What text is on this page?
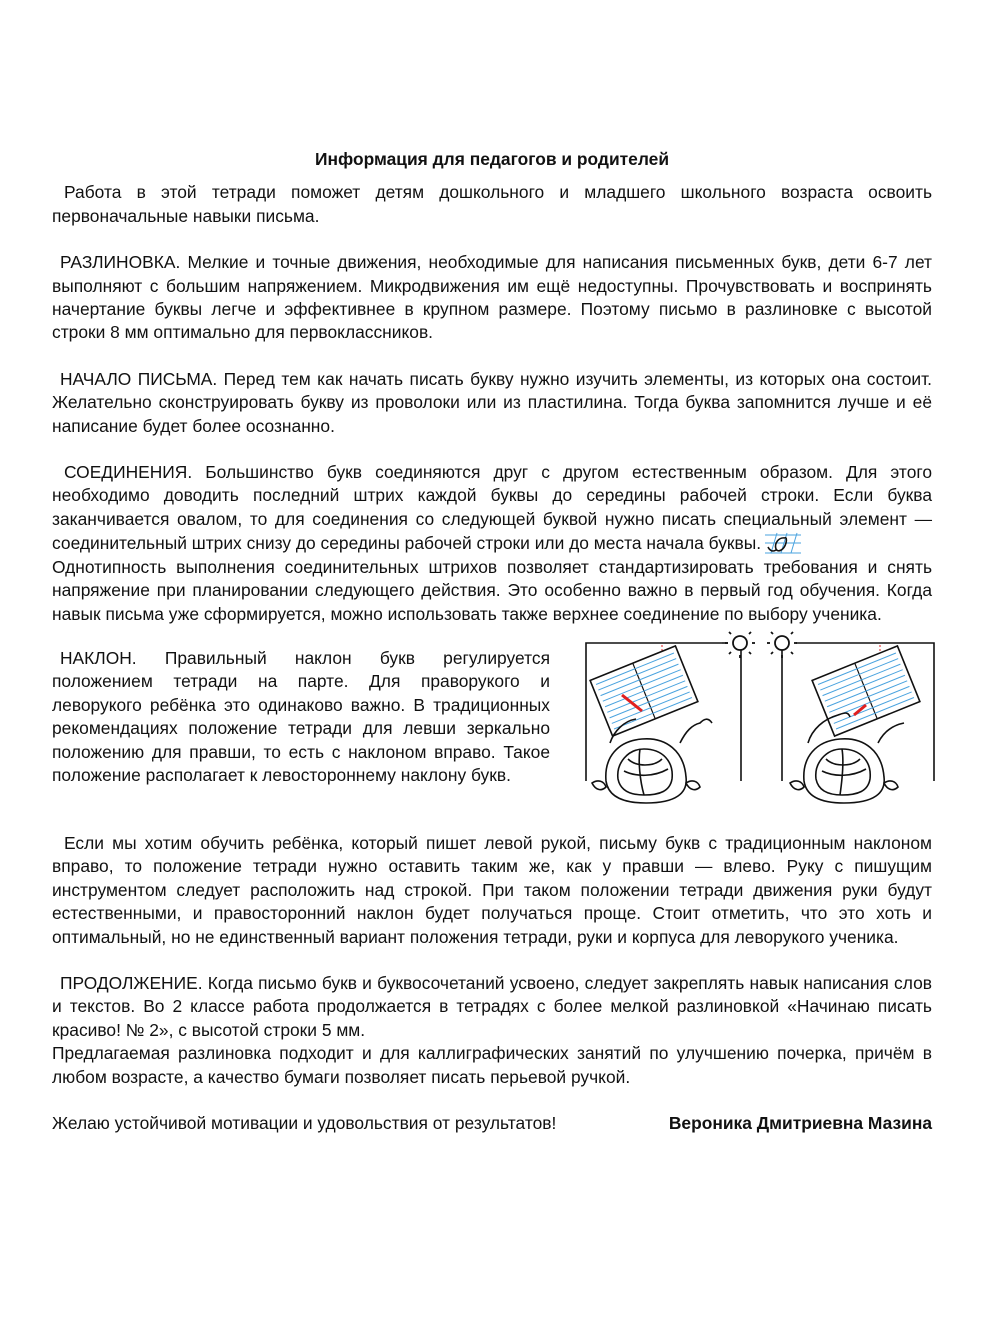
Информация для педагогов и родителей

Работа в этой тетради поможет детям дошкольного и младшего школьного возраста освоить первоначальные навыки письма.

РАЗЛИНОВКА. Мелкие и точные движения, необходимые для написания письменных букв, дети 6-7 лет выполняют с большим напряжением. Микродвижения им ещё недоступны. Прочувствовать и воспринять начертание буквы легче и эффективнее в крупном размере. Поэтому письмо в разлиновке с высотой строки 8 мм оптимально для первоклассников.

НАЧАЛО ПИСЬМА. Перед тем как начать писать букву нужно изучить элементы, из которых она состоит. Желательно сконструировать букву из проволоки или из пластилина. Тогда буква запомнится лучше и её написание будет более осознанно.

СОЕДИНЕНИЯ. Большинство букв соединяются друг с другом естественным образом. Для этого необходимо доводить последний штрих каждой буквы до середины рабочей строки. Если буква заканчивается овалом, то для соединения со следующей буквой нужно писать специальный элемент — соединительный штрих снизу до середины рабочей строки или до места начала буквы.

Однотипность выполнения соединительных штрихов позволяет стандартизировать требования и снять напряжение при планировании следующего действия. Это особенно важно в первый год обучения. Когда навык письма уже сформируется, можно использовать также верхнее соединение по выбору ученика.

НАКЛОН. Правильный наклон букв регулируется положением тетради на парте. Для праворукого и леворукого ребёнка это одинаково важно. В традиционных рекомендациях положение тетради для левши зеркально положению для правши, то есть с наклоном вправо. Такое положение располагает к левостороннему наклону букв.

Если мы хотим обучить ребёнка, который пишет левой рукой, письму букв с традиционным наклоном вправо, то положение тетради нужно оставить таким же, как у правши — влево. Руку с пишущим инструментом следует расположить над строкой. При таком положении тетради движения руки будут естественными, и правосторонний наклон будет получаться проще. Стоит отметить, что это хоть и оптимальный, но не единственный вариант положения тетради, руки и корпуса для леворукого ученика.

ПРОДОЛЖЕНИЕ. Когда письмо букв и буквосочетаний усвоено, следует закреплять навык написания слов и текстов. Во 2 классе работа продолжается в тетрадях с более мелкой разлиновкой «Начинаю писать красиво! № 2», с высотой строки 5 мм.

Предлагаемая разлиновка подходит и для каллиграфических занятий по улучшению почерка, причём в любом возрасте, а качество бумаги позволяет писать перьевой ручкой.

Желаю устойчивой мотивации и удовольствия от результатов!	Вероника Дмитриевна Мазина
